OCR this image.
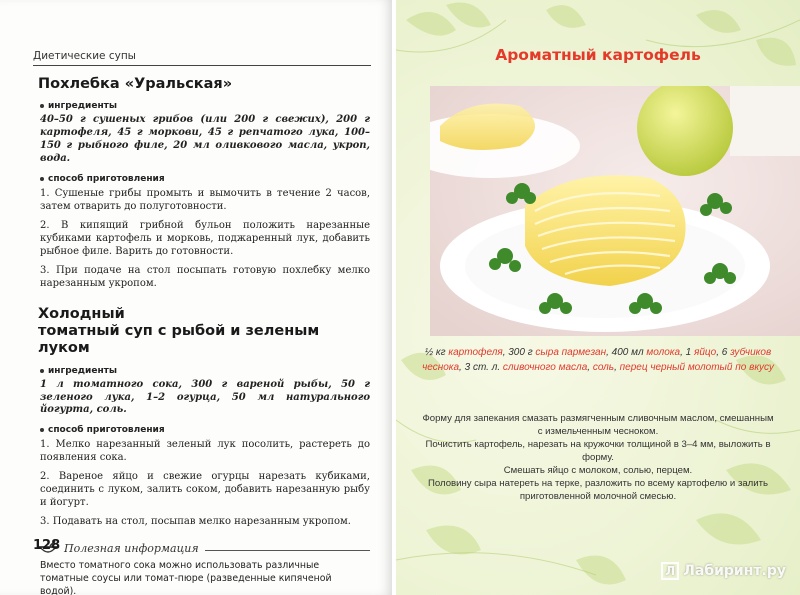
Диетические супы
Похлебка «Уральская»
ингредиенты
40–50 г сушеных грибов (или 200 г свежих), 200 г картофеля, 45 г моркови, 45 г репчатого лука, 100–150 г рыбного филе, 20 мл оливкового масла, укроп, вода.
способ приготовления
1. Сушеные грибы промыть и вымочить в течение 2 часов, затем отварить до полуготовности.
2. В кипящий грибной бульон положить нарезанные кубиками картофель и морковь, поджаренный лук, добавить рыбное филе. Варить до готовности.
3. При подаче на стол посыпать готовую похлебку мелко нарезанным укропом.
Холодный
томатный суп с рыбой и зеленым луком
ингредиенты
1 л томатного сока, 300 г вареной рыбы, 50 г зеленого лука, 1–2 огурца, 50 мл натурального йогурта, соль.
способ приготовления
1. Мелко нарезанный зеленый лук посолить, растереть до появления сока.
2. Вареное яйцо и свежие огурцы нарезать кубиками, соединить с луком, залить соком, добавить нарезанную рыбу и йогурт.
3. Подавать на стол, посыпав мелко нарезанным укропом.
Полезная информация
Вместо томатного сока можно использовать различные томатные соусы или томат-пюре (разведенные кипяченой водой).
128
Ароматный картофель
½ кг картофеля, 300 г сыра пармезан, 400 мл молока, 1 яйцо, 6 зубчиков чеснока, 3 ст. л. сливочного масла, соль, перец черный молотый по вкусу

Форму для запекания смазать размягченным сливочным маслом, смешанным с измельченным чесноком.

Почистить картофель, нарезать на кружочки толщиной в 3–4 мм, выложить в форму.

Смешать яйцо с молоком, солью, перцем.

Половину сыра натереть на терке, разложить по всему картофелю и залить приготовленной молочной смесью.

Л Лабиринт.ру
